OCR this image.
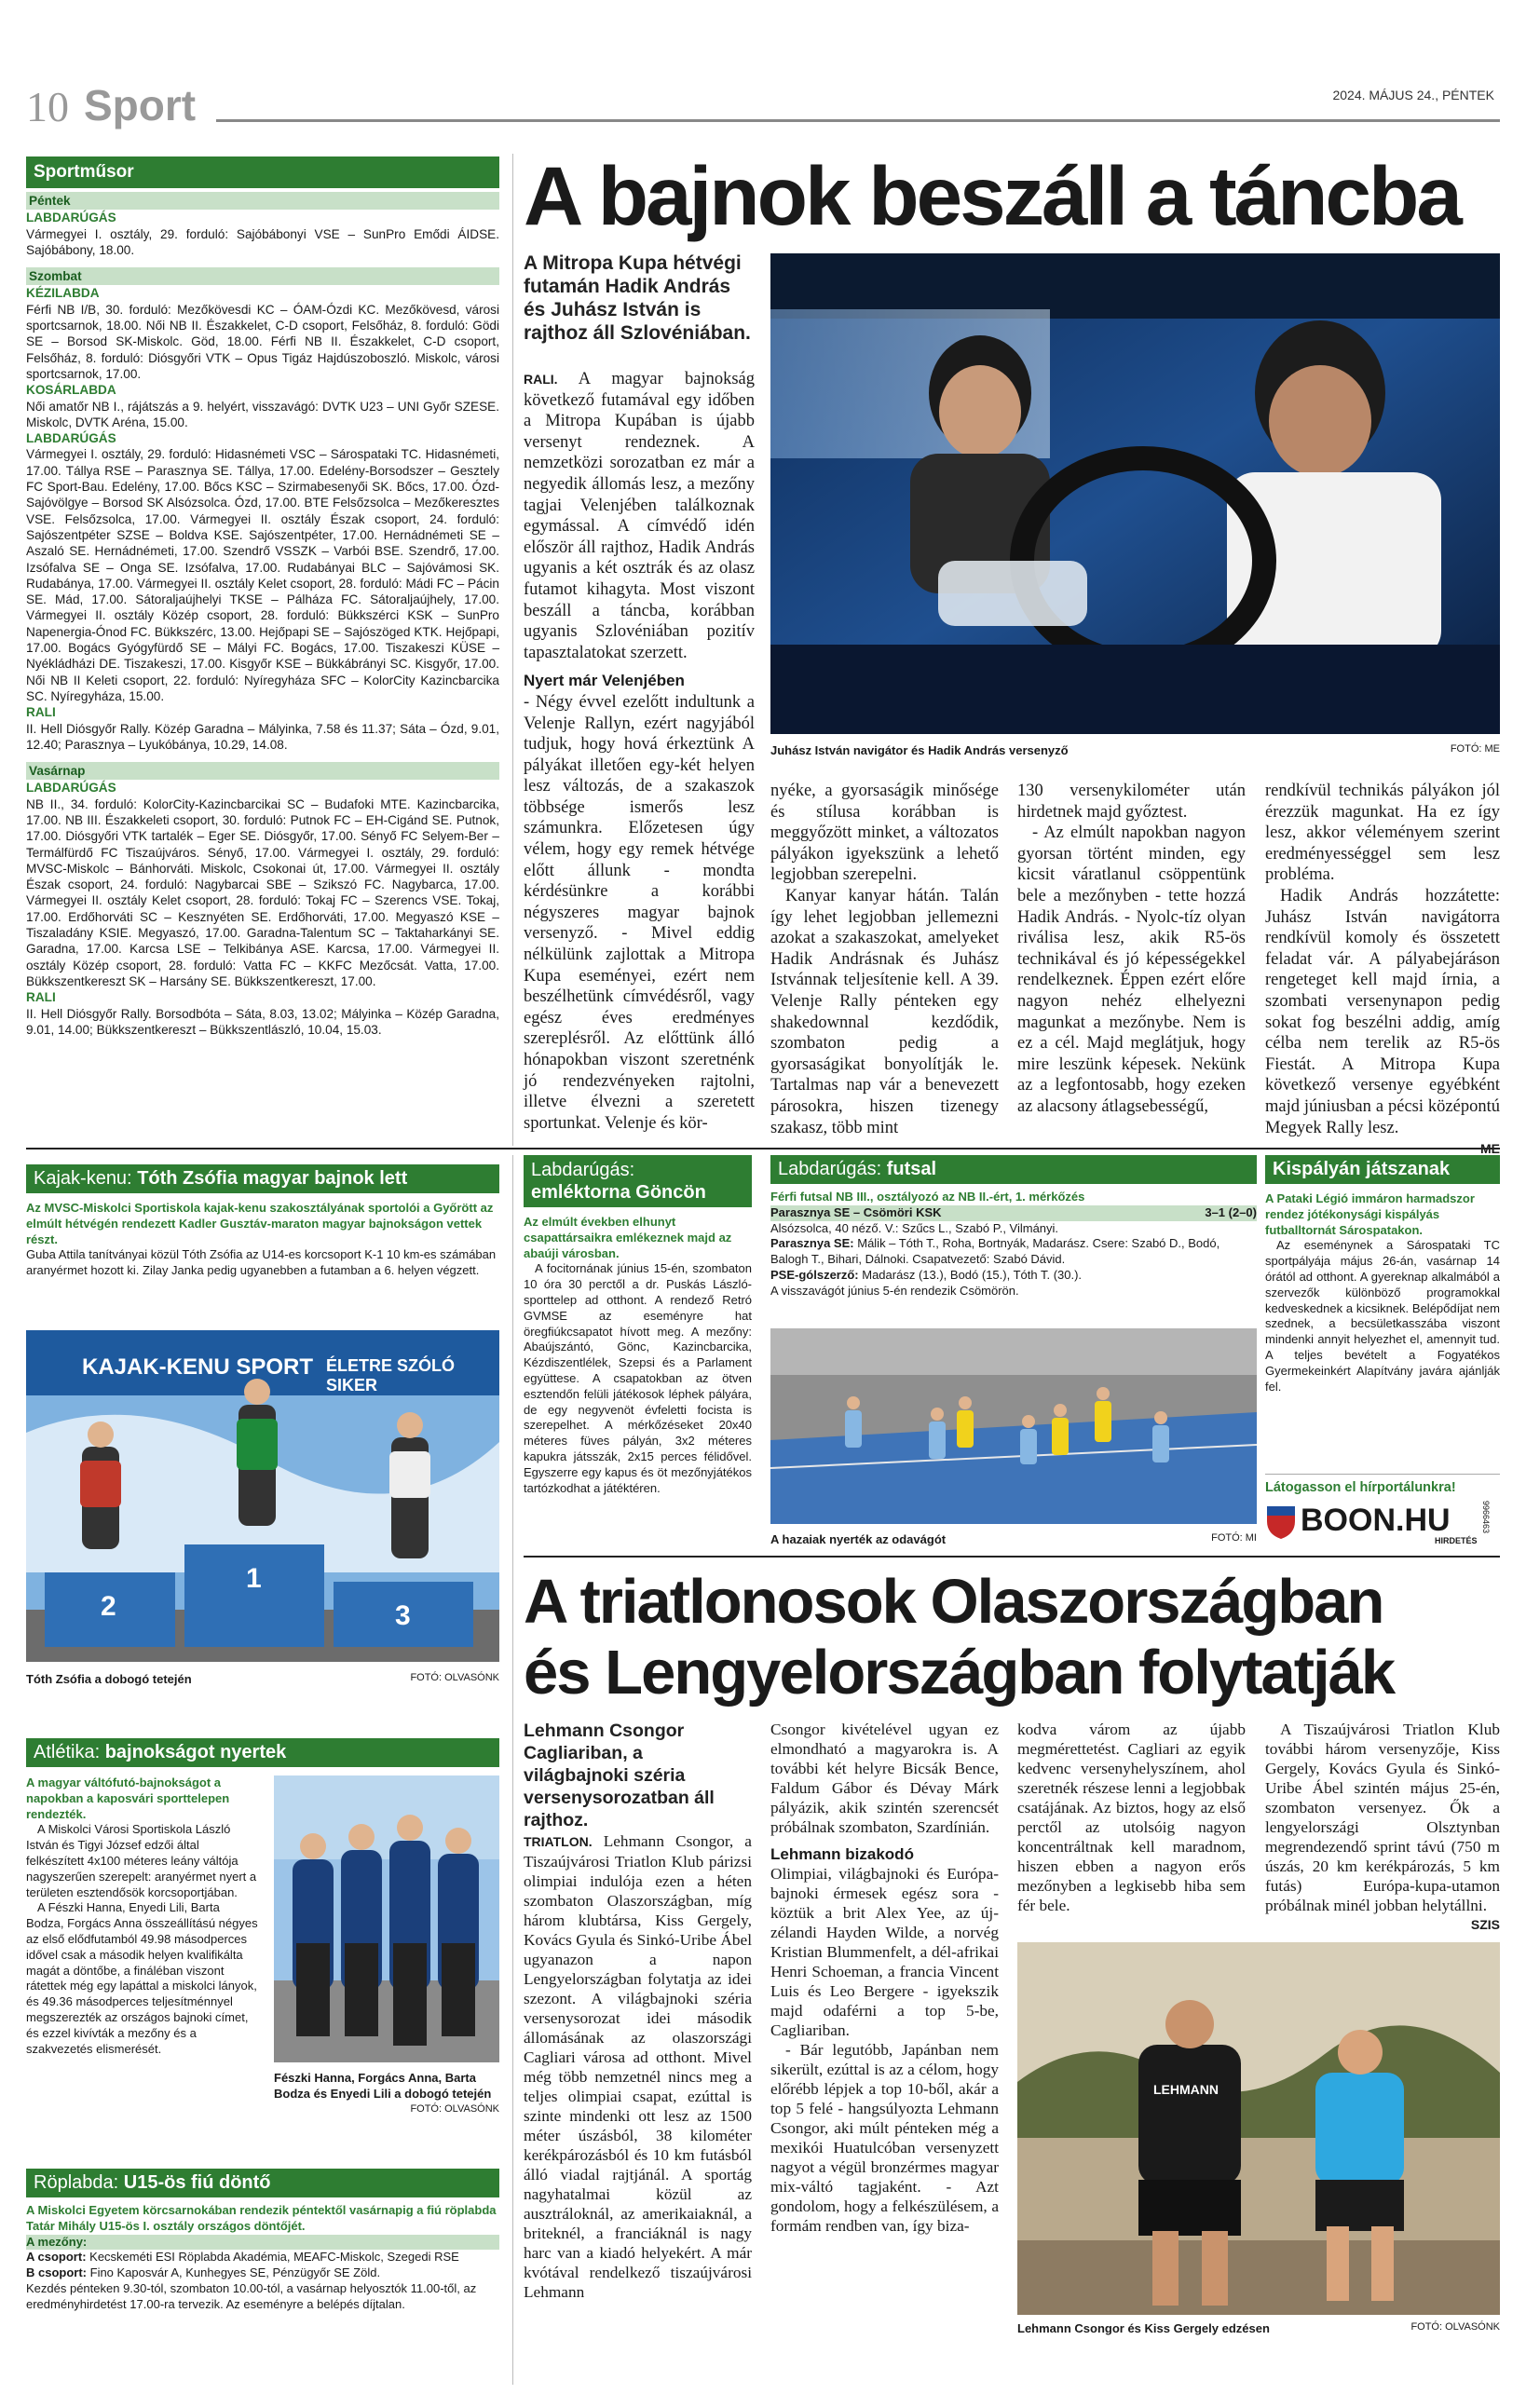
10 Sport	2024. MÁJUS 24., PÉNTEK
Sportműsor

Péntek

LABDARÚGÁS

Vármegyei I. osztály, 29. forduló: Sajóbábonyi VSE – SunPro Emődi ÁIDSE. Sajóbábony, 18.00.

Szombat

KÉZILABDA

Férfi NB I/B, 30. forduló: Mezőkövesdi KC – ÓAM-Ózdi KC. Mezőkövesd, városi sportcsarnok, 18.00. Női NB II. Északkelet, C-D csoport, Felsőház, 8. forduló: Gödi SE – Borsod SK-Miskolc. Göd, 18.00. Férfi NB II. Északkelet, C-D csoport, Felsőház, 8. forduló: Diósgyőri VTK – Opus Tigáz Hajdúszoboszló. Miskolc, városi sportcsarnok, 17.00.

KOSÁRLABDA

Női amatőr NB I., rájátszás a 9. helyért, visszavágó: DVTK U23 – UNI Győr SZESE. Miskolc, DVTK Aréna, 15.00.

LABDARÚGÁS

Vármegyei I. osztály, 29. forduló: Hidasnémeti VSC – Sárospataki TC. Hidasnémeti, 17.00. Tállya RSE – Parasznya SE. Tállya, 17.00. Edelény-Borsodszer – Gesztely FC Sport-Bau. Edelény, 17.00. Bőcs KSC – Szirmabesenyői SK. Bőcs, 17.00. Ózd-Sajóvölgye – Borsod SK Alsózsolca. Ózd, 17.00. BTE Felsőzsolca – Mezőkeresztes VSE. Felsőzsolca, 17.00. Vármegyei II. osztály Észak csoport, 24. forduló: Sajószentpéter SZSE – Boldva KSE. Sajószentpéter, 17.00. Hernádnémeti SE – Aszaló SE. Hernádnémeti, 17.00. Szendrő VSSZK – Varbói BSE. Szendrő, 17.00. Izsófalva SE – Onga SE. Izsófalva, 17.00. Rudabányai BLC – Sajóvámosi SK. Rudabánya, 17.00. Vármegyei II. osztály Kelet csoport, 28. forduló: Mádi FC – Pácin SE. Mád, 17.00. Sátoraljaújhelyi TKSE – Pálháza FC. Sátoraljaújhely, 17.00. Vármegyei II. osztály Közép csoport, 28. forduló: Bükkszérci KSK – SunPro Napenergia-Ónod FC. Bükkszérc, 13.00. Hejőpapi SE – Sajószöged KTK. Hejőpapi, 17.00. Bogács Gyógyfürdő SE – Mályi FC. Bogács, 17.00. Tiszakeszi KÜSE – Nyékládházi DE. Tiszakeszi, 17.00. Kisgyőr KSE – Bükkábrányi SC. Kisgyőr, 17.00. Női NB II Keleti csoport, 22. forduló: Nyíregyháza SFC – KolorCity Kazincbarcika SC. Nyíregyháza, 15.00.

RALI

II. Hell Diósgyőr Rally. Közép Garadna – Mályinka, 7.58 és 11.37; Sáta – Ózd, 9.01, 12.40; Parasznya – Lyukóbánya, 10.29, 14.08.

Vasárnap

LABDARÚGÁS

NB II., 34. forduló: KolorCity-Kazincbarcikai SC – Budafoki MTE. Kazincbarcika, 17.00. NB III. Északkeleti csoport, 30. forduló: Putnok FC – EH-Cigánd SE. Putnok, 17.00. Diósgyőri VTK tartalék – Eger SE. Diósgyőr, 17.00. Sényő FC Selyem-Ber – Termálfürdő FC Tiszaújváros. Sényő, 17.00. Vármegyei I. osztály, 29. forduló: MVSC-Miskolc – Bánhorváti. Miskolc, Csokonai út, 17.00. Vármegyei II. osztály Észak csoport, 24. forduló: Nagybarcai SBE – Szikszó FC. Nagybarca, 17.00. Vármegyei II. osztály Kelet csoport, 28. forduló: Tokaj FC – Szerencs VSE. Tokaj, 17.00. Erdőhorváti SC – Kesznyéten SE. Erdőhorváti, 17.00. Megyaszó KSE – Tiszaladány KSIE. Megyaszó, 17.00. Garadna-Talentum SC – Taktaharkányi SE. Garadna, 17.00. Karcsa LSE – Telkibánya ASE. Karcsa, 17.00. Vármegyei II. osztály Közép csoport, 28. forduló: Vatta FC – KKFC Mezőcsát. Vatta, 17.00. Bükkszentkereszt SK – Harsány SE. Bükkszentkereszt, 17.00.

RALI

II. Hell Diósgyőr Rally. Borsodbóta – Sáta, 8.03, 13.02; Mályinka – Közép Garadna, 9.01, 14.00; Bükkszentkereszt – Bükkszentlászló, 10.04, 15.03.

A bajnok beszáll a táncba
A Mitropa Kupa hétvégi futamán Hadik András és Juhász István is rajthoz áll Szlovéniában.
Juhász István navigátor és Hadik András versenyző	FOTÓ: ME

RALI. A magyar bajnokság következő futamával egy időben a Mitropa Kupában is újabb versenyt rendeznek. A nemzetközi sorozatban ez már a negyedik állomás lesz, a mezőny tagjai Velenjében találkoznak egymással. A címvédő idén először áll rajthoz, Hadik András ugyanis a két osztrák és az olasz futamot kihagyta. Most viszont beszáll a táncba, korábban ugyanis Szlovéniában pozitív tapasztalatokat szerzett.

Nyert már Velenjében

- Négy évvel ezelőtt indultunk a Velenje Rallyn, ezért nagyjából tudjuk, hogy hová érkeztünk A pályákat illetően egy-két helyen lesz változás, de a szakaszok többsége ismerős lesz számunkra. Előzetesen úgy vélem, hogy egy remek hétvége előtt állunk - mondta kérdésünkre a korábbi négyszeres magyar bajnok versenyző. - Mivel eddig nélkülünk zajlottak a Mitropa Kupa eseményei, ezért nem beszélhetünk címvédésről, vagy egész éves eredményes szereplésről. Az előttünk álló hónapokban viszont szeretnénk jó rendezvényeken rajtolni, illetve élvezni a szeretett sportunkat. Velenje és kör-

nyéke, a gyorsaságik minősége és stílusa korábban is meggyőzött minket, a változatos pályákon igyekszünk a lehető legjobban szerepelni.

Kanyar kanyar hátán. Talán így lehet legjobban jellemezni azokat a szakaszokat, amelyeket Hadik Andrásnak és Juhász Istvánnak teljesítenie kell. A 39. Velenje Rally pénteken egy shakedownnal kezdődik, szombaton pedig a gyorsaságikat bonyolítják le. Tartalmas nap vár a benevezett párosokra, hiszen tizenegy szakasz, több mint

130 versenykilométer után hirdetnek majd győztest.

- Az elmúlt napokban nagyon gyorsan történt minden, egy kicsit váratlanul csöppentünk bele a mezőnyben - tette hozzá Hadik András. - Nyolc-tíz olyan riválisa lesz, akik R5-ös technikával és jó képességekkel rendelkeznek. Éppen ezért előre nagyon nehéz elhelyezni magunkat a mezőnybe. Nem is ez a cél. Majd meglátjuk, hogy mire leszünk képesek. Nekünk az a legfontosabb, hogy ezeken az alacsony átlagsebességű,

rendkívül technikás pályákon jól érezzük magunkat. Ha ez így lesz, akkor véleményem szerint eredményességgel sem lesz probléma.

Hadik András hozzátette: Juhász István navigátorra rendkívül komoly és összetett feladat vár. A pályabejáráson rengeteget kell majd írnia, a szombati versenynapon pedig sokat fog beszélni addig, amíg célba nem terelik az R5-ös Fiestát. A Mitropa Kupa következő versenye egyébként majd júniusban a pécsi középontú Megyek Rally lesz.

Kajak-kenu: Tóth Zsófia magyar bajnok lett

Az MVSC-Miskolci Sportiskola kajak-kenu szakosztályának sportolói a Győrött az elmúlt hétvégén rendezett Kadler Gusztáv-maraton magyar bajnokságon vettek részt.

Guba Attila tanítványai közül Tóth Zsófia az U14-es korcsoport K-1 10 km-es számában aranyérmet hozott ki. Zilay Janka pedig ugyanebben a futamban a 6. helyen végzett.

KAJAK-KENU SPORT ÉLETRE SZÓLÓ SIKER
2
1
3
Tóth Zsófia a dobogó tetején	FOTÓ: OLVASÓNK
Atlétika: bajnokságot nyertek

A magyar váltófutó-bajnokságot a napokban a kaposvári sporttelepen rendezték.

A Miskolci Városi Sportiskola László István és Tigyi József edzői által felkészített 4x100 méteres leány váltója nagyszerűen szerepelt: aranyérmet nyert a területen esztendősök korcsoportjában.

A Fészki Hanna, Enyedi Lili, Barta Bodza, Forgács Anna összeállítású négyes az első elődfutamból 49.98 másodperces idővel csak a második helyen kvalifikálta magát a döntőbe, a fináléban viszont rátettek még egy lapáttal a miskolci lányok, és 49.36 másodperces teljesítménnyel megszerezték az országos bajnoki címet, és ezzel kivívták a mezőny és a szakvezetés elismerését.

Fészki Hanna, Forgács Anna, Barta Bodza és Enyedi Lili a dobogó tetején
FOTÓ: OLVASÓNK
Röplabda: U15-ös fiú döntő

A Miskolci Egyetem körcsarnokában rendezik péntektől vasárnapig a fiú röplabda Tatár Mihály U15-ös I. osztály országos döntőjét.

A mezőny:

A csoport: Kecskeméti ESI Röplabda Akadémia, MEAFC-Miskolc, Szegedi RSE

B csoport: Fino Kaposvár A, Kunhegyes SE, Pénzügyőr SE Zöld.

Kezdés pénteken 9.30-tól, szombaton 10.00-tól, a vasárnap helyosztók 11.00-től, az eredményhirdetést 17.00-ra tervezik. Az eseményre a belépés díjtalan.

Labdarúgás:
emléktorna Göncön

Az elmúlt években elhunyt csapattársaikra emlékeznek majd az abaúji városban.

A focitornának június 15-én, szombaton 10 óra 30 perctől a dr. Puskás László-sporttelep ad otthont. A rendező Retró GVMSE az eseményre hat öregfiúkcsapatot hívott meg. A mezőny: Abaújszántó, Gönc, Kazincbarcika, Kézdiszentlélek, Szepsi és a Parlament együttese. A csapatokban az ötven esztendőn felüli játékosok léphek pályára, de egy negyvenöt évfeletti focista is szerepelhet. A mérkőzéseket 20x40 méteres füves pályán, 3x2 méteres kapukra játsszák, 2x15 perces félidővel. Egyszerre egy kapus és öt mezőnyjátékos tartózkodhat a játéktéren.

Labdarúgás: futsal

Férfi futsal NB III., osztályozó az NB II.-ért, 1. mérkőzés

Parasznya SE – Csömöri KSK	3–1 (2–0)

Alsózsolca, 40 néző. V.: Szűcs L., Szabó P., Vilmányi.

Parasznya SE: Málik – Tóth T., Roha, Bortnyák, Madarász. Csere: Szabó D., Bodó, Balogh T., Bihari, Dálnoki. Csapatvezető: Szabó Dávid.

PSE-gólszerző: Madarász (13.), Bodó (15.), Tóth T. (30.).

A visszavágót június 5-én rendezik Csömörön.

A hazaiak nyerték az odavágót	FOTÓ: MI
Kispályán játszanak

A Pataki Légió immáron harmadszor rendez jótékonysági kispályás futballtornát Sárospatakon.

Az eseménynek a Sárospataki TC sportpályája május 26-án, vasárnap 14 órától ad otthont. A gyereknap alkalmából a szervezők különböző programokkal kedveskednek a kicsiknek. Belépődíjat nem szednek, a becsületkasszába viszont mindenki annyit helyezhet el, amennyit tud. A teljes bevételt a Fogyatékos Gyermekeinkért Alapítvány javára ajánlják fel.

Látogasson el hírportálunkra!
BOON.HU	9966463
HIRDETÉS
A triatlonosok Olaszországban
és Lengyelországban folytatják
Lehmann Csongor Cagliariban, a világbajnoki széria versenysorozatban áll rajthoz.

TRIATLON. Lehmann Csongor, a Tiszaújvárosi Triatlon Klub párizsi olimpiai indulója ezen a héten szombaton Olaszországban, míg három klubtársa, Kiss Gergely, Kovács Gyula és Sinkó-Uribe Ábel ugyanazon a napon Lengyelországban folytatja az idei szezont. A világbajnoki széria versenysorozat idei második állomásának az olaszországi Cagliari városa ad otthont. Mivel még több nemzetnél nincs meg a teljes olimpiai csapat, ezúttal is szinte mindenki ott lesz az 1500 méter úszásból, 38 kilométer kerékpározásból és 10 km futásból álló viadal rajtjánál. A sportág nagyhatalmai közül az ausztráloknál, az amerikaiaknál, a briteknél, a franciáknál is nagy harc van a kiadó helyekért. A már kvótával rendelkező tiszaújvárosi Lehmann

Csongor kivételével ugyan ez elmondható a magyarokra is. A további két helyre Bicsák Bence, Faldum Gábor és Dévay Márk pályázik, akik szintén szerencsét próbálnak szombaton, Szardínián.

Lehmann bizakodó

Olimpiai, világbajnoki és Európa-bajnoki érmesek egész sora - köztük a brit Alex Yee, az új-zélandi Hayden Wilde, a norvég Kristian Blummenfelt, a dél-afrikai Henri Schoeman, a francia Vincent Luis és Leo Bergere - igyekszik majd odaférni a top 5-be, Cagliariban.

- Bár legutóbb, Japánban nem sikerült, ezúttal is az a célom, hogy előrébb lépjek a top 10-ből, akár a top 5 felé - hangsúlyozta Lehmann Csongor, aki múlt pénteken még a mexikói Huatulcóban versenyzett nagyot a végül bronzérmes magyar mix-váltó tagjaként. - Azt gondolom, hogy a felkészülésem, a formám rendben van, így biza-

kodva várom az újabb megmérettetést. Cagliari az egyik kedvenc versenyhelyszínem, ahol szeretnék részese lenni a legjobbak csatájának. Az biztos, hogy az első perctől az utolsóig nagyon koncentráltnak kell maradnom, hiszen ebben a nagyon erős mezőnyben a legkisebb hiba sem fér bele.

A Tiszaújvárosi Triatlon Klub további három versenyzője, Kiss Gergely, Kovács Gyula és Sinkó-Uribe Ábel szintén május 25-én, szombaton versenyez. Ők a lengyelországi Olsztynban megrendezendő sprint távú (750 m úszás, 20 km kerékpározás, 5 km futás) Európa-kupa-utamon próbálnak minél jobban helytállni.

SZIS
LEHMANN
Lehmann Csongor és Kiss Gergely edzésen	FOTÓ: OLVASÓNK
